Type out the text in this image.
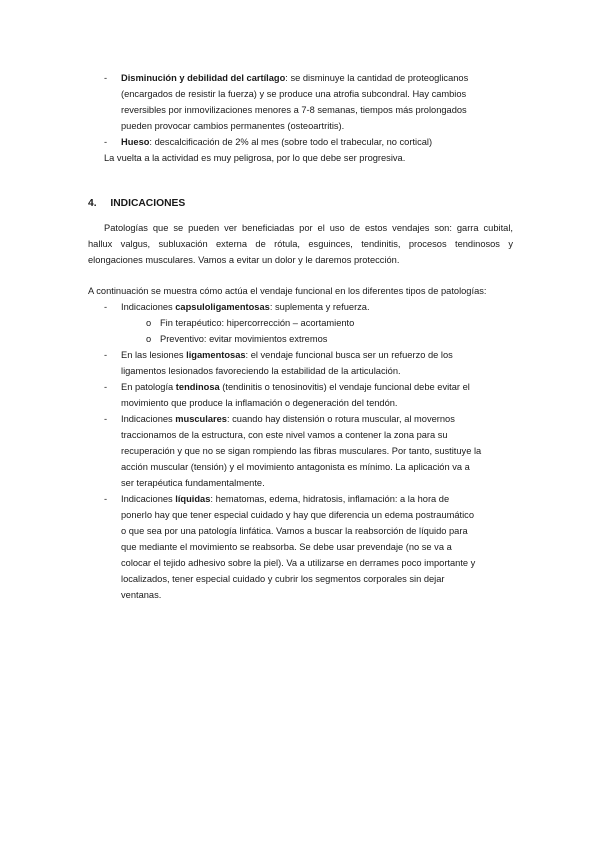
- Disminución y debilidad del cartílago: se disminuye la cantidad de proteoglicanos
(encargados de resistir la fuerza) y se produce una atrofia subcondral. Hay cambios
reversibles por inmovilizaciones menores a 7-8 semanas, tiempos más prolongados
pueden provocar cambios permanentes (osteoartritis).
- Hueso: descalcificación de 2% al mes (sobre todo el trabecular, no cortical)
La vuelta a la actividad es muy peligrosa, por lo que debe ser progresiva.
4. INDICACIONES
Patologías que se pueden ver beneficiadas por el uso de estos vendajes son: garra cubital,
hallux valgus, subluxación externa de rótula, esguinces, tendinitis, procesos tendinosos y
elongaciones musculares. Vamos a evitar un dolor y le daremos protección.
A continuación se muestra cómo actúa el vendaje funcional en los diferentes tipos de patologías:
- Indicaciones capsuloligamentosas: suplementa y refuerza.
o Fin terapéutico: hipercorrección – acortamiento
o Preventivo: evitar movimientos extremos
- En las lesiones ligamentosas: el vendaje funcional busca ser un refuerzo de los
ligamentos lesionados favoreciendo la estabilidad de la articulación.
- En patología tendinosa (tendinitis o tenosinovitis) el vendaje funcional debe evitar el
movimiento que produce la inflamación o degeneración del tendón.
- Indicaciones musculares: cuando hay distensión o rotura muscular, al movernos
traccionamos de la estructura, con este nivel vamos a contener la zona para su
recuperación y que no se sigan rompiendo las fibras musculares. Por tanto, sustituye la
acción muscular (tensión) y el movimiento antagonista es mínimo. La aplicación va a
ser terapéutica fundamentalmente.
- Indicaciones líquidas: hematomas, edema, hidratosis, inflamación: a la hora de
ponerlo hay que tener especial cuidado y hay que diferencia un edema postraumático
o que sea por una patología linfática. Vamos a buscar la reabsorción de líquido para
que mediante el movimiento se reabsorba. Se debe usar prevendaje (no se va a
colocar el tejido adhesivo sobre la piel). Va a utilizarse en derrames poco importante y
localizados, tener especial cuidado y cubrir los segmentos corporales sin dejar
ventanas.
